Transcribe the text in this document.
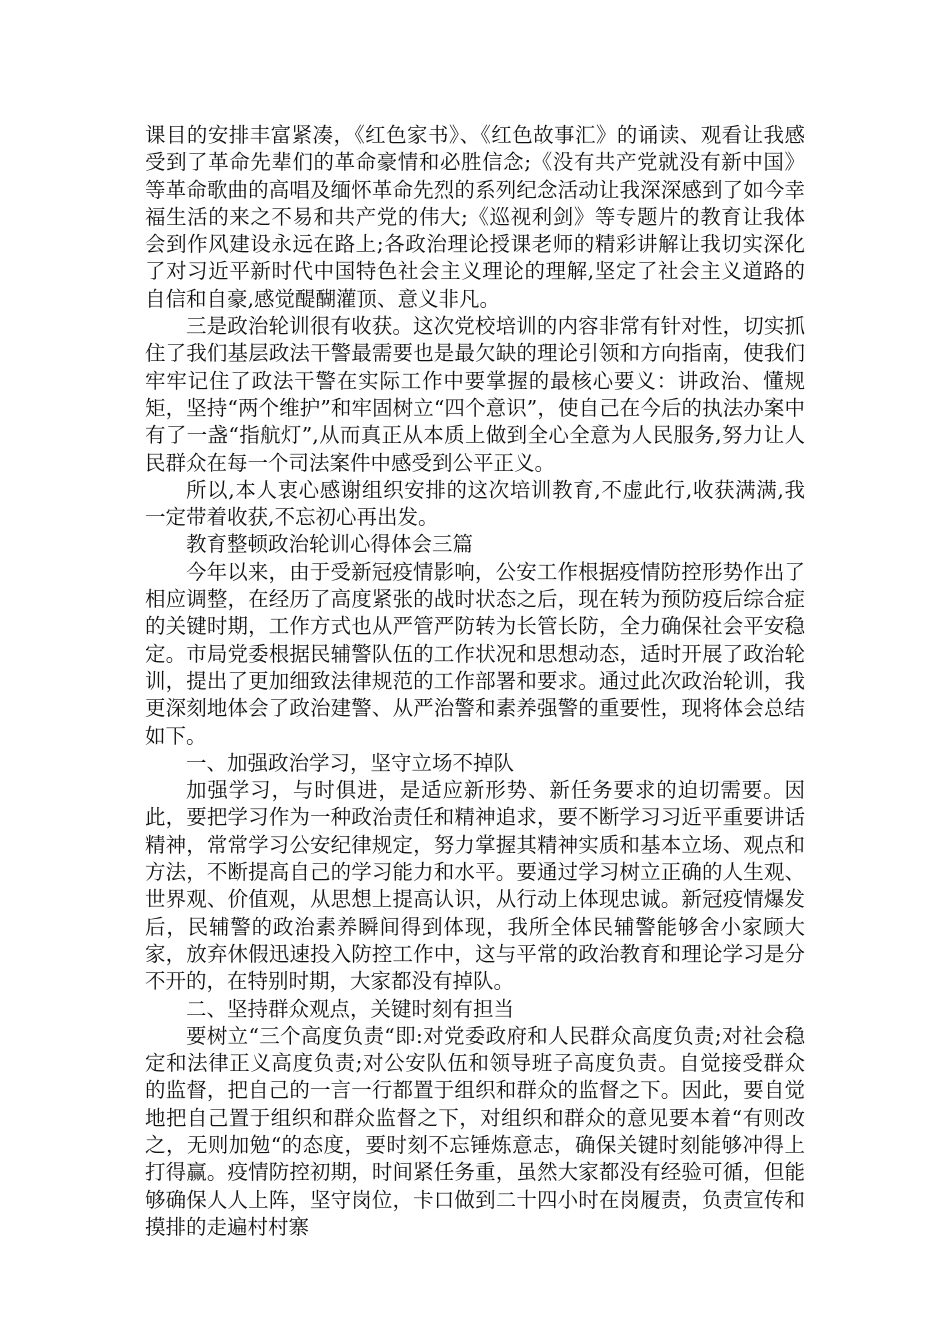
课目的安排丰富紧凑，《红色家书》、《红色故事汇》的诵读、观看让我感受到了革命先辈们的革命豪情和必胜信念;《没有共产党就没有新中国》等革命歌曲的高唱及缅怀革命先烈的系列纪念活动让我深深感到了如今幸福生活的来之不易和共产党的伟大;《巡视利剑》等专题片的教育让我体会到作风建设永远在路上;各政治理论授课老师的精彩讲解让我切实深化了对习近平新时代中国特色社会主义理论的理解,坚定了社会主义道路的自信和自豪,感觉醍醐灌顶、意义非凡。

三是政治轮训很有收获。这次党校培训的内容非常有针对性，切实抓住了我们基层政法干警最需要也是最欠缺的理论引领和方向指南，使我们牢牢记住了政法干警在实际工作中要掌握的最核心要义：讲政治、懂规矩，坚持“两个维护”和牢固树立“四个意识”，使自己在今后的执法办案中有了一盏“指航灯”,从而真正从本质上做到全心全意为人民服务,努力让人民群众在每一个司法案件中感受到公平正义。

所以,本人衷心感谢组织安排的这次培训教育,不虚此行,收获满满,我一定带着收获,不忘初心再出发。

教育整顿政治轮训心得体会三篇

今年以来，由于受新冠疫情影响，公安工作根据疫情防控形势作出了相应调整，在经历了高度紧张的战时状态之后，现在转为预防疫后综合症的关键时期，工作方式也从严管严防转为长管长防，全力确保社会平安稳定。市局党委根据民辅警队伍的工作状况和思想动态，适时开展了政治轮训，提出了更加细致法律规范的工作部署和要求。通过此次政治轮训，我更深刻地体会了政治建警、从严治警和素养强警的重要性，现将体会总结如下。

一、加强政治学习，坚守立场不掉队

加强学习，与时俱进，是适应新形势、新任务要求的迫切需要。因此，要把学习作为一种政治责任和精神追求，要不断学习习近平重要讲话精神，常常学习公安纪律规定，努力掌握其精神实质和基本立场、观点和方法，不断提高自己的学习能力和水平。要通过学习树立正确的人生观、世界观、价值观，从思想上提高认识，从行动上体现忠诚。新冠疫情爆发后，民辅警的政治素养瞬间得到体现，我所全体民辅警能够舍小家顾大家，放弃休假迅速投入防控工作中，这与平常的政治教育和理论学习是分不开的，在特别时期，大家都没有掉队。

二、坚持群众观点，关键时刻有担当

要树立“三个高度负责“即:对党委政府和人民群众高度负责;对社会稳定和法律正义高度负责;对公安队伍和领导班子高度负责。自觉接受群众的监督，把自己的一言一行都置于组织和群众的监督之下。因此，要自觉地把自己置于组织和群众监督之下，对组织和群众的意见要本着“有则改之，无则加勉“的态度，要时刻不忘锤炼意志，确保关键时刻能够冲得上打得赢。疫情防控初期，时间紧任务重，虽然大家都没有经验可循，但能够确保人人上阵，坚守岗位，卡口做到二十四小时在岗履责，负责宣传和摸排的走遍村村寨
